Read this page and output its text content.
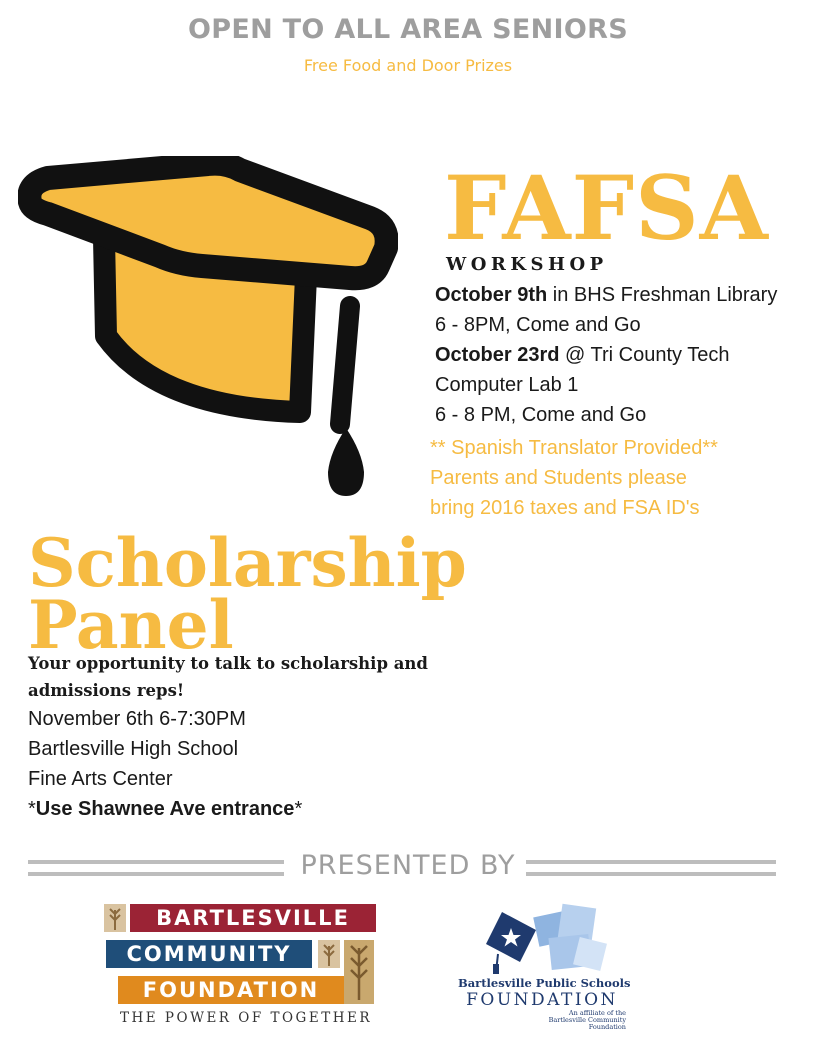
OPEN TO ALL AREA SENIORS
Free Food and Door Prizes
FAFSA
WORKSHOP
October 9th in BHS Freshman Library
6 - 8PM, Come and Go
October 23rd @ Tri County Tech
Computer Lab 1
6 - 8 PM, Come and Go
** Spanish Translator Provided**
Parents and Students please
bring 2016 taxes and FSA ID's
Scholarship
Panel
Your opportunity to talk to scholarship and
admissions reps!
November 6th 6-7:30PM
Bartlesville High School
Fine Arts Center
*Use Shawnee Ave entrance*
PRESENTED BY
BARTLESVILLE
COMMUNITY
FOUNDATION
THE POWER OF TOGETHER
Bartlesville Public Schools
FOUNDATION
An affiliate of the
Bartlesville Community Foundation
